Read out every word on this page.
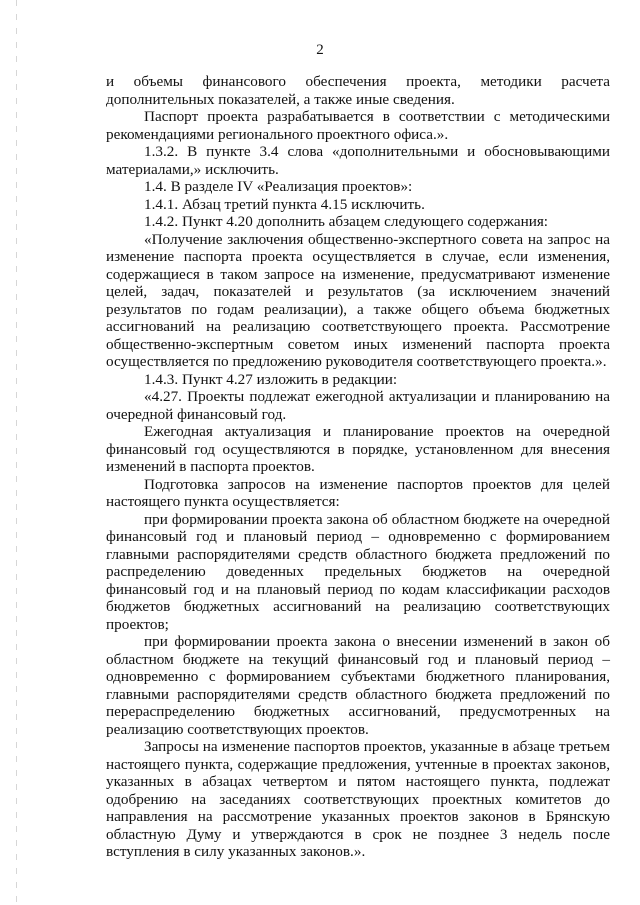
2

и объемы финансового обеспечения проекта, методики расчета дополнительных показателей, а также иные сведения.

Паспорт проекта разрабатывается в соответствии с методическими рекомендациями регионального проектного офиса.».

1.3.2. В пункте 3.4 слова «дополнительными и обосновывающими материалами,» исключить.

1.4. В разделе IV «Реализация проектов»:

1.4.1. Абзац третий пункта 4.15 исключить.

1.4.2. Пункт 4.20 дополнить абзацем следующего содержания:

«Получение заключения общественно-экспертного совета на запрос на изменение паспорта проекта осуществляется в случае, если изменения, содержащиеся в таком запросе на изменение, предусматривают изменение целей, задач, показателей и результатов (за исключением значений результатов по годам реализации), а также общего объема бюджетных ассигнований на реализацию соответствующего проекта. Рассмотрение общественно-экспертным советом иных изменений паспорта проекта осуществляется по предложению руководителя соответствующего проекта.».

1.4.3. Пункт 4.27 изложить в редакции:

«4.27. Проекты подлежат ежегодной актуализации и планированию на очередной финансовый год.

Ежегодная актуализация и планирование проектов на очередной финансовый год осуществляются в порядке, установленном для внесения изменений в паспорта проектов.

Подготовка запросов на изменение паспортов проектов для целей настоящего пункта осуществляется:

при формировании проекта закона об областном бюджете на очередной финансовый год и плановый период – одновременно с формированием главными распорядителями средств областного бюджета предложений по распределению доведенных предельных бюджетов на очередной финансовый год и на плановый период по кодам классификации расходов бюджетов бюджетных ассигнований на реализацию соответствующих проектов;

при формировании проекта закона о внесении изменений в закон об областном бюджете на текущий финансовый год и плановый период – одновременно с формированием субъектами бюджетного планирования, главными распорядителями средств областного бюджета предложений по перераспределению бюджетных ассигнований, предусмотренных на реализацию соответствующих проектов.

Запросы на изменение паспортов проектов, указанные в абзаце третьем настоящего пункта, содержащие предложения, учтенные в проектах законов, указанных в абзацах четвертом и пятом настоящего пункта, подлежат одобрению на заседаниях соответствующих проектных комитетов до направления на рассмотрение указанных проектов законов в Брянскую областную Думу и утверждаются в срок не позднее 3 недель после вступления в силу указанных законов.».
